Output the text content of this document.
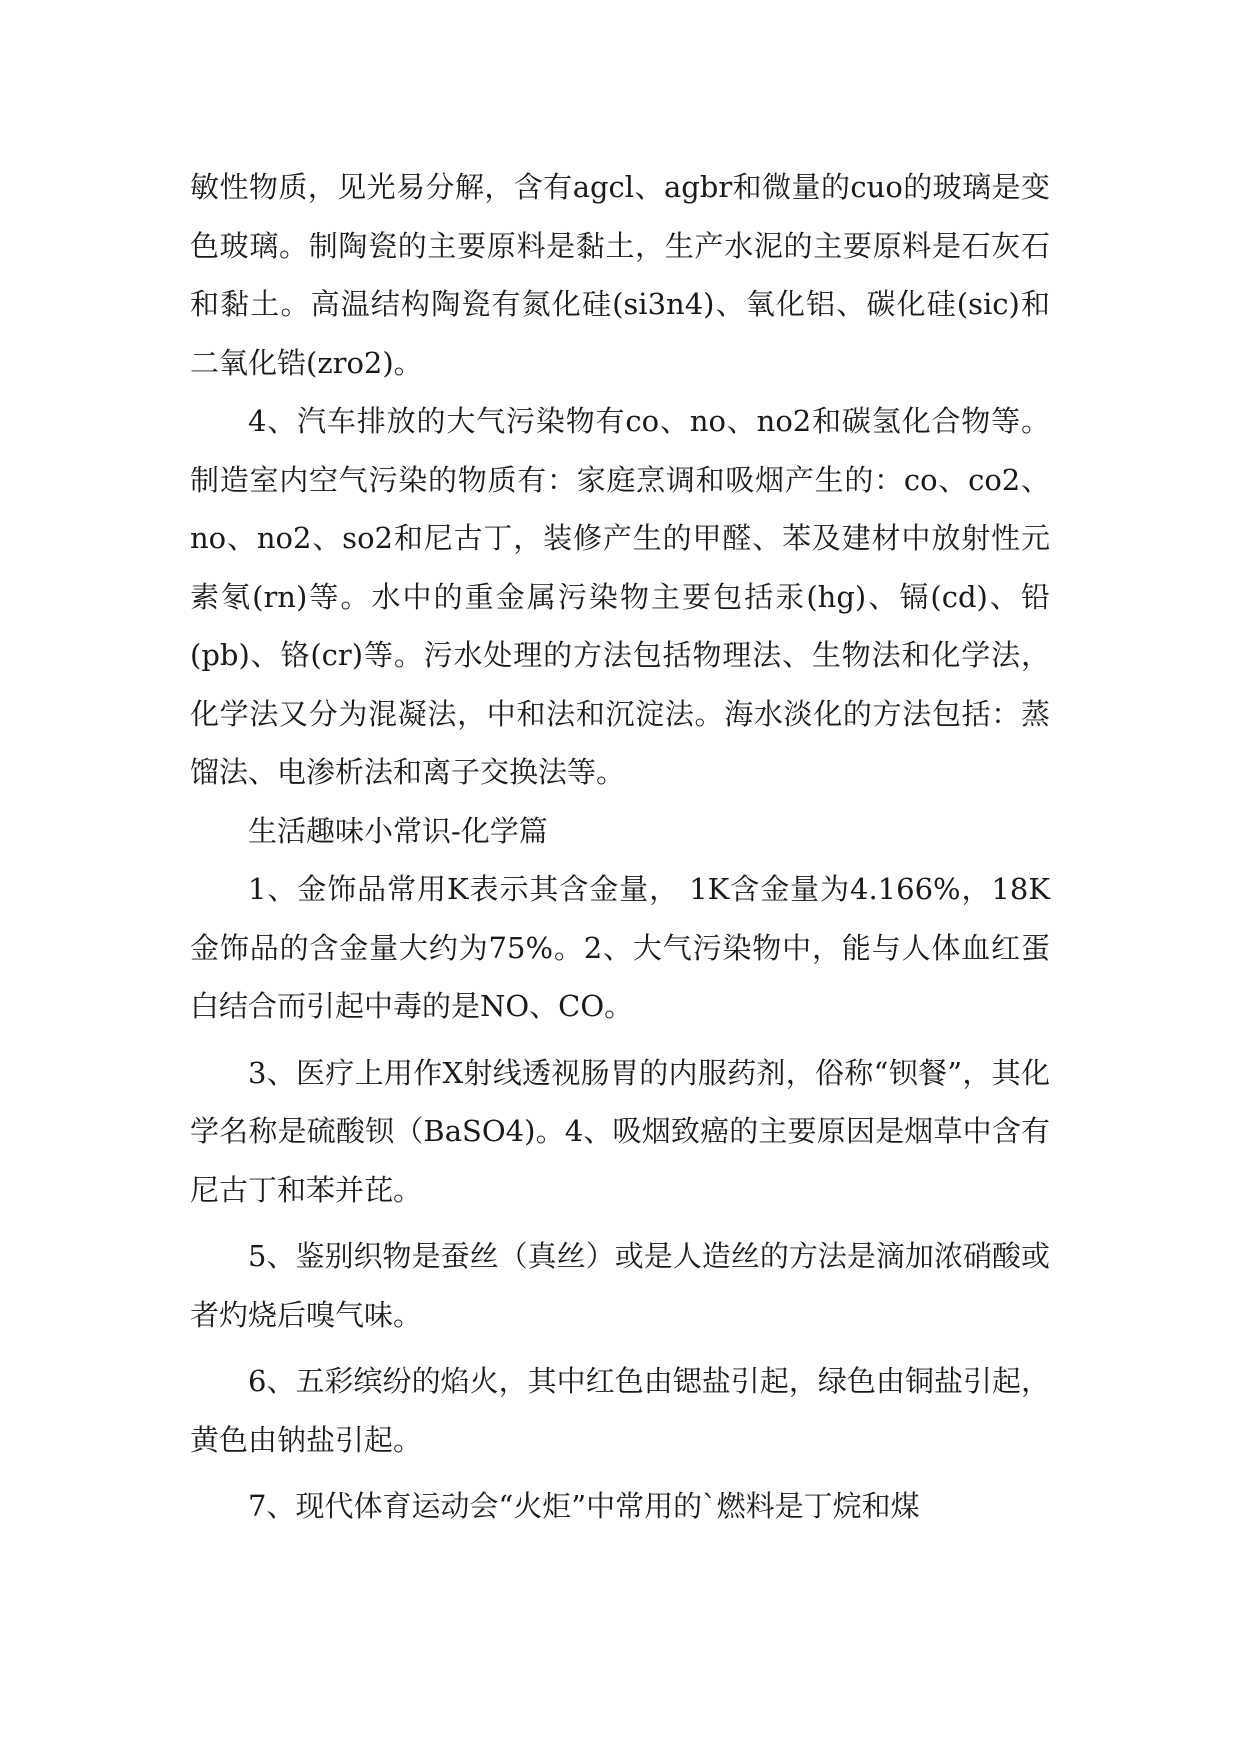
敏性物质，见光易分解，含有agcl、agbr和微量的cuo的玻璃是变色玻璃。制陶瓷的主要原料是黏土，生产水泥的主要原料是石灰石和黏土。高温结构陶瓷有氮化硅(si3n4)、氧化铝、碳化硅(sic)和二氧化锆(zro2)。

4、汽车排放的大气污染物有co、no、no2和碳氢化合物等。制造室内空气污染的物质有：家庭烹调和吸烟产生的：co、co2、no、no2、so2和尼古丁，装修产生的甲醛、苯及建材中放射性元素氡(rn)等。水中的重金属污染物主要包括汞(hg)、镉(cd)、铅(pb)、铬(cr)等。污水处理的方法包括物理法、生物法和化学法，化学法又分为混凝法，中和法和沉淀法。海水淡化的方法包括：蒸馏法、电渗析法和离子交换法等。

生活趣味小常识-化学篇

1、金饰品常用K表示其含金量， 1K含金量为4.166%，18K金饰品的含金量大约为75%。2、大气污染物中，能与人体血红蛋白结合而引起中毒的是NO、CO。

3、医疗上用作X射线透视肠胃的内服药剂，俗称“钡餐”，其化学名称是硫酸钡（BaSO4)。4、吸烟致癌的主要原因是烟草中含有尼古丁和苯并芘。

5、鉴别织物是蚕丝（真丝）或是人造丝的方法是滴加浓硝酸或者灼烧后嗅气味。

6、五彩缤纷的焰火，其中红色由锶盐引起，绿色由铜盐引起，黄色由钠盐引起。

7、现代体育运动会“火炬”中常用的`燃料是丁烷和煤
